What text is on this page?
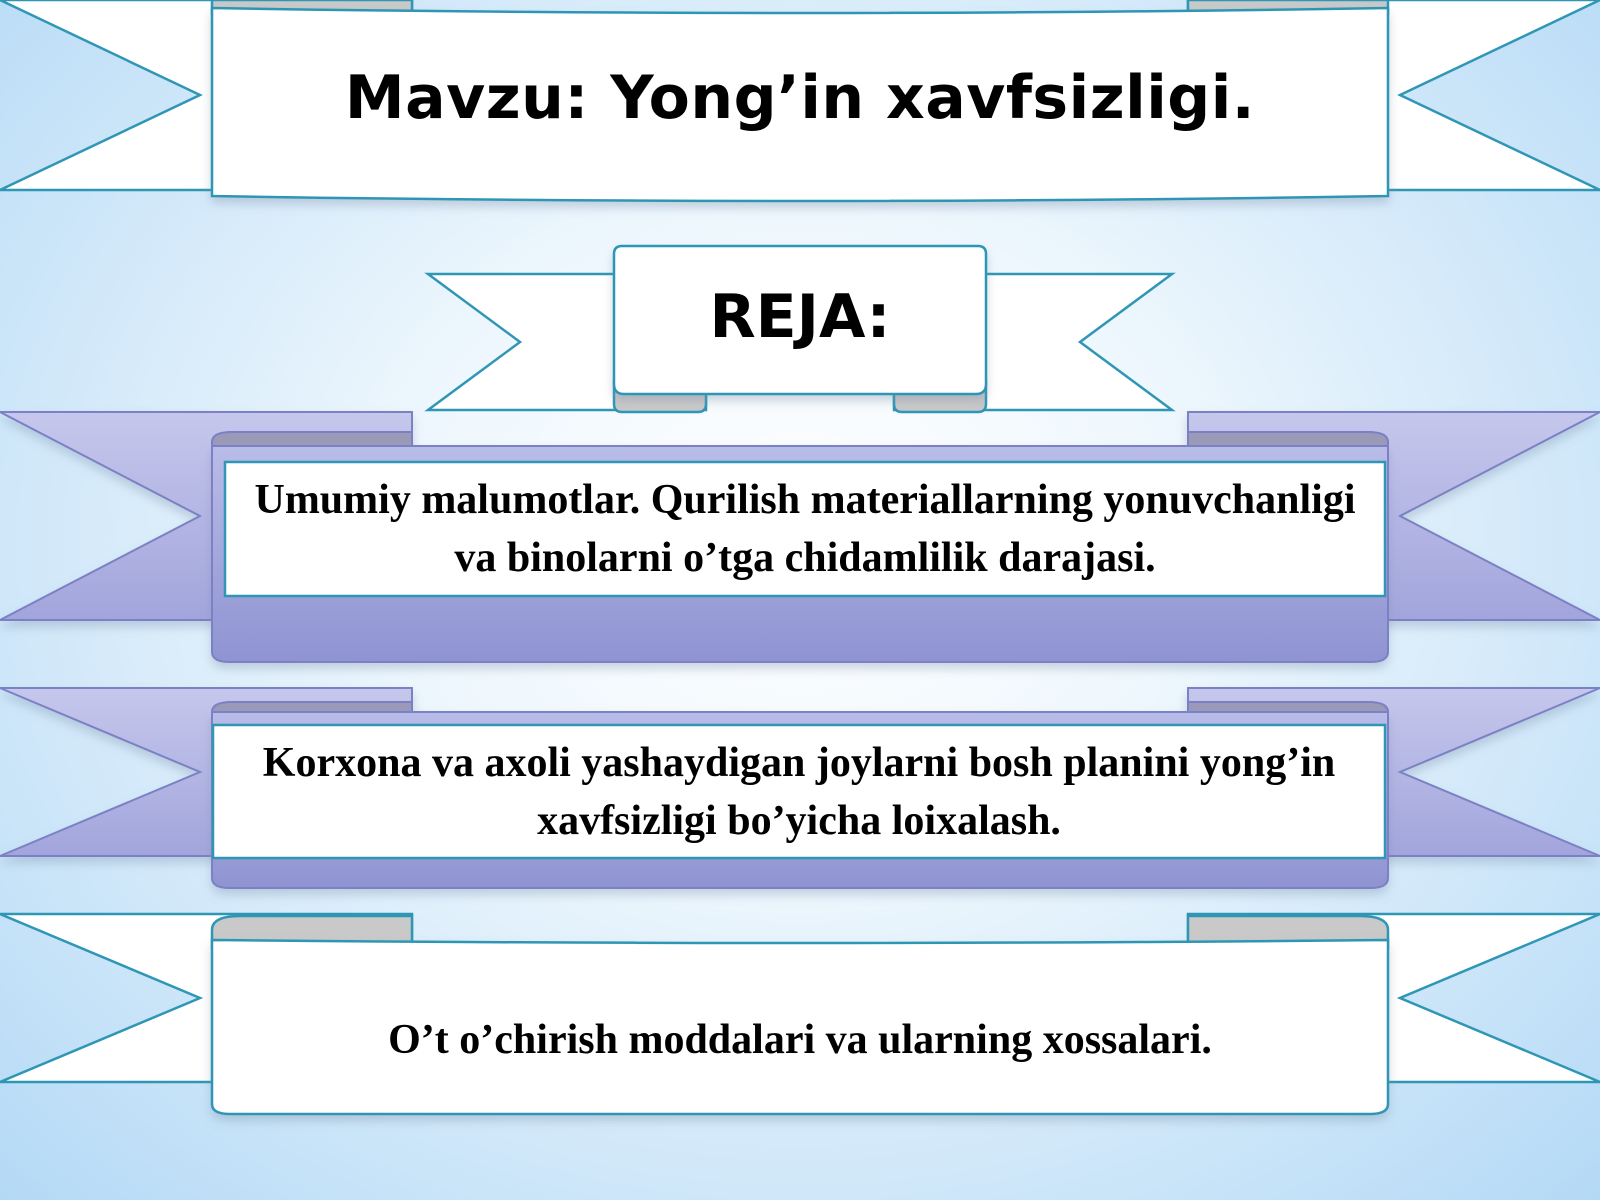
Mavzu: Yong’in xavfsizligi.
REJA:
Umumiy malumotlar. Qurilish materiallarning yonuvchanligi va binolarni o’tga chidamlilik darajasi.
Korxona va axoli yashaydigan joylarni bosh planini yong’in xavfsizligi bo’yicha loixalash.
O’t o’chirish moddalari va ularning xossalari.
